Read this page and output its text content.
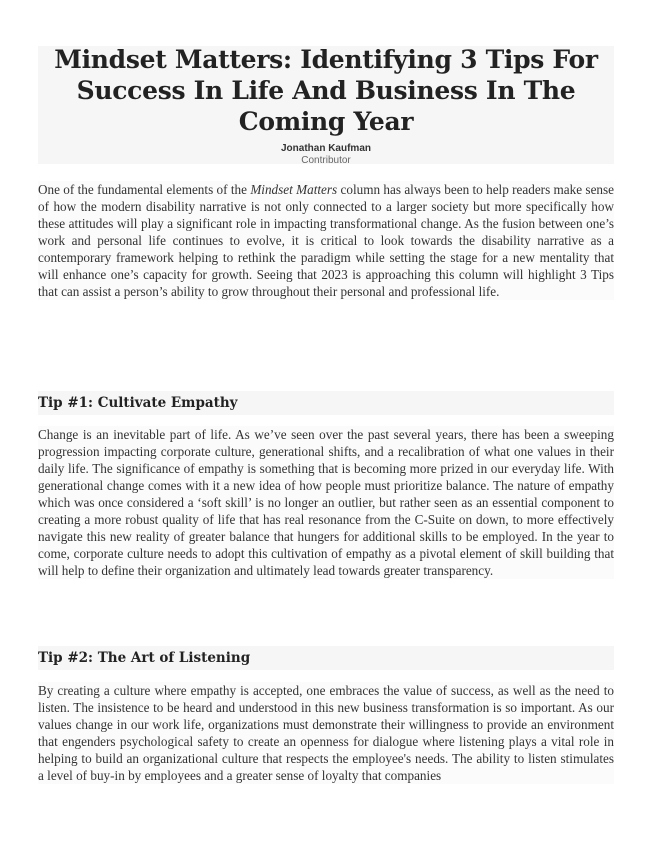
Mindset Matters: Identifying 3 Tips For Success In Life And Business In The Coming Year
Jonathan Kaufman
Contributor

One of the fundamental elements of the Mindset Matters column has always been to help readers make sense of how the modern disability narrative is not only connected to a larger society but more specifically how these attitudes will play a significant role in impacting transformational change. As the fusion between one’s work and personal life continues to evolve, it is critical to look towards the disability narrative as a contemporary framework helping to rethink the paradigm while setting the stage for a new mentality that will enhance one’s capacity for growth. Seeing that 2023 is approaching this column will highlight 3 Tips that can assist a person’s ability to grow throughout their personal and professional life.

Tip #1: Cultivate Empathy

Change is an inevitable part of life. As we’ve seen over the past several years, there has been a sweeping progression impacting corporate culture, generational shifts, and a recalibration of what one values in their daily life. The significance of empathy is something that is becoming more prized in our everyday life. With generational change comes with it a new idea of how people must prioritize balance. The nature of empathy which was once considered a ‘soft skill’ is no longer an outlier, but rather seen as an essential component to creating a more robust quality of life that has real resonance from the C-Suite on down, to more effectively navigate this new reality of greater balance that hungers for additional skills to be employed. In the year to come, corporate culture needs to adopt this cultivation of empathy as a pivotal element of skill building that will help to define their organization and ultimately lead towards greater transparency.

Tip #2: The Art of Listening

By creating a culture where empathy is accepted, one embraces the value of success, as well as the need to listen. The insistence to be heard and understood in this new business transformation is so important. As our values change in our work life, organizations must demonstrate their willingness to provide an environment that engenders psychological safety to create an openness for dialogue where listening plays a vital role in helping to build an organizational culture that respects the employee's needs. The ability to listen stimulates a level of buy-in by employees and a greater sense of loyalty that companies
